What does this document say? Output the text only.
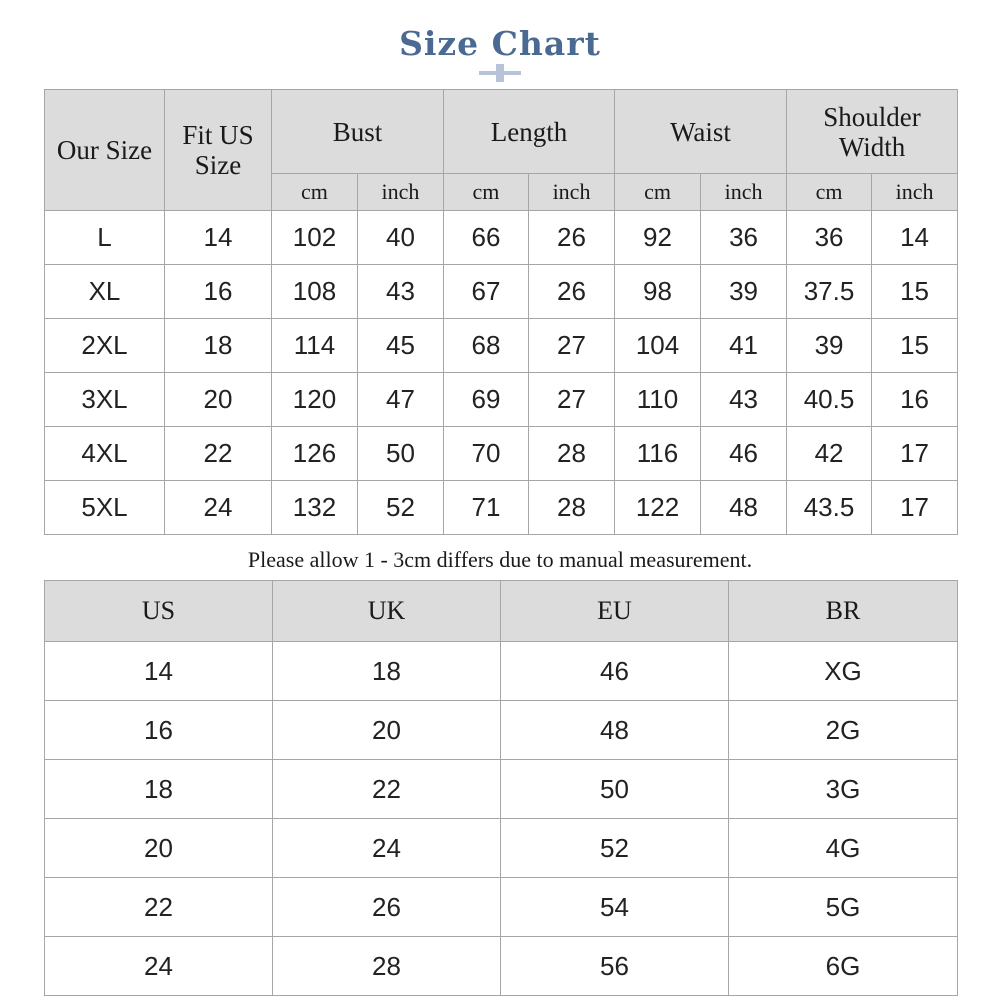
Size Chart
Our Size	Fit US Size	Bust		Length		Waist		Shoulder Width	
		cm	inch	cm	inch	cm	inch	cm	inch
L	14	102	40	66	26	92	36	36	14
XL	16	108	43	67	26	98	39	37.5	15
2XL	18	114	45	68	27	104	41	39	15
3XL	20	120	47	69	27	110	43	40.5	16
4XL	22	126	50	70	28	116	46	42	17
5XL	24	132	52	71	28	122	48	43.5	17
Please allow 1 - 3cm differs due to manual measurement.
US	UK	EU	BR
14	18	46	XG
16	20	48	2G
18	22	50	3G
20	24	52	4G
22	26	54	5G
24	28	56	6G
